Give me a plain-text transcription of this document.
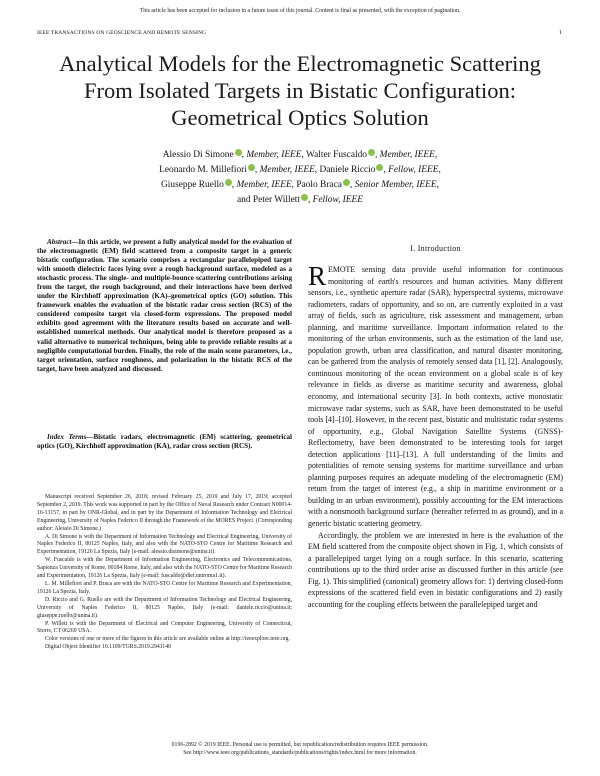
This article has been accepted for inclusion in a future issue of this journal. Content is final as presented, with the exception of pagination.
IEEE TRANSACTIONS ON GEOSCIENCE AND REMOTE SENSING	1
Analytical Models for the Electromagnetic Scattering From Isolated Targets in Bistatic Configuration: Geometrical Optics Solution
Alessio Di Simone , Member, IEEE, Walter Fuscaldo , Member, IEEE,
Leonardo M. Millefiori , Member, IEEE, Daniele Riccio , Fellow, IEEE,
Giuseppe Ruello , Member, IEEE, Paolo Braca , Senior Member, IEEE,
and Peter Willett , Fellow, IEEE
Abstract—In this article, we present a fully analytical model for the evaluation of the electromagnetic (EM) field scattered from a composite target in a generic bistatic configuration. The scenario comprises a rectangular parallelepiped target with smooth dielectric faces lying over a rough background surface, modeled as a stochastic process. The single- and multiple-bounce scattering contributions arising from the target, the rough background, and their interactions have been derived under the Kirchhoff approximation (KA)–geometrical optics (GO) solution. This framework enables the evaluation of the bistatic radar cross section (RCS) of the considered composite target via closed-form expressions. The proposed model exhibits good agreement with the literature results based on accurate and well-established numerical methods. Our analytical model is therefore proposed as a valid alternative to numerical techniques, being able to provide reliable results at a negligible computational burden. Finally, the role of the main scene parameters, i.e., target orientation, surface roughness, and polarization in the bistatic RCS of the target, have been analyzed and discussed.
Index Terms—Bistatic radars, electromagnetic (EM) scattering, geometrical optics (GO), Kirchhoff approximation (KA), radar cross section (RCS).

Manuscript received September 26, 2018; revised February 25, 2019 and July 17, 2019; accepted September 2, 2019. This work was supported in part by the Office of Naval Research under Contract N00014-16-13157, in part by ONR-Global, and in part by the Department of Information Technology and Electrical Engineering, University of Naples Federico II through the Framework of the MORES Project. (Corresponding author: Alessio Di Simone.)

A. Di Simone is with the Department of Information Technology and Electrical Engineering, University of Naples Federico II, 80125 Naples, Italy, and also with the NATO-STO Centre for Maritime Research and Experimentation, 19126 La Spezia, Italy (e-mail: alessio.disimone@unina.it).

W. Fuscaldo is with the Department of Information Engineering, Electronics and Telecommunications, Sapienza University of Rome, 00184 Rome, Italy, and also with the NATO-STO Centre for Maritime Research and Experimentation, 19126 La Spezia, Italy (e-mail: fuscaldo@diet.uniroma1.it).

L. M. Millefiori and P. Braca are with the NATO-STO Centre for Maritime Research and Experimentation, 19126 La Spezia, Italy.

D. Riccio and G. Ruello are with the Department of Information Technology and Electrical Engineering, University of Naples Federico II, 80125 Naples, Italy (e-mail: daniele.riccio@unina.it; giuseppe.ruello@unina.it).

P. Willett is with the Department of Electrical and Computer Engineering, University of Connecticut, Storrs, CT 06269 USA.

Color versions of one or more of the figures in this article are available online at http://ieeexplore.ieee.org.

Digital Object Identifier 10.1109/TGRS.2019.2941140

I. Introduction

REMOTE sensing data provide useful information for continuous monitoring of earth's resources and human activities. Many different sensors, i.e., synthetic aperture radar (SAR), hyperspectral systems, microwave radiometers, radars of opportunity, and so on, are currently exploited in a vast array of fields, such as agriculture, risk assessment and management, urban planning, and maritime surveillance. Important information related to the monitoring of the urban environments, such as the estimation of the land use, population growth, urban area classification, and natural disaster monitoring, can be gathered from the analysis of remotely sensed data [1], [2]. Analogously, continuous monitoring of the ocean environment on a global scale is of key relevance in fields as diverse as maritime security and awareness, global economy, and international security [3]. In both contexts, active monostatic microwave radar systems, such as SAR, have been demonstrated to be useful tools [4]–[10]. However, in the recent past, bistatic and multistatic radar systems of opportunity, e.g., Global Navigation Satellite Systems (GNSS)-Reflectometry, have been demonstrated to be interesting tools for target detection applications [11]–[13]. A full understanding of the limits and potentialities of remote sensing systems for maritime surveillance and urban planning purposes requires an adequate modeling of the electromagnetic (EM) return from the target of interest (e.g., a ship in maritime environment or a building in an urban environment), possibly accounting for the EM interactions with a nonsmooth background surface (hereafter referred to as ground), and in a generic bistatic scattering geometry.

Accordingly, the problem we are interested in here is the evaluation of the EM field scattered from the composite object shown in Fig. 1, which consists of a parallelepiped target lying on a rough surface. In this scenario, scattering contributions up to the third order arise as discussed further in this article (see Fig. 1). This simplified (canonical) geometry allows for: 1) deriving closed-form expressions of the scattered field even in bistatic configurations and 2) easily accounting for the coupling effects between the parallelepiped target and

0196-2892 © 2019 IEEE. Personal use is permitted, but republication/redistribution requires IEEE permission.
See http://www.ieee.org/publications_standards/publications/rights/index.html for more information.
